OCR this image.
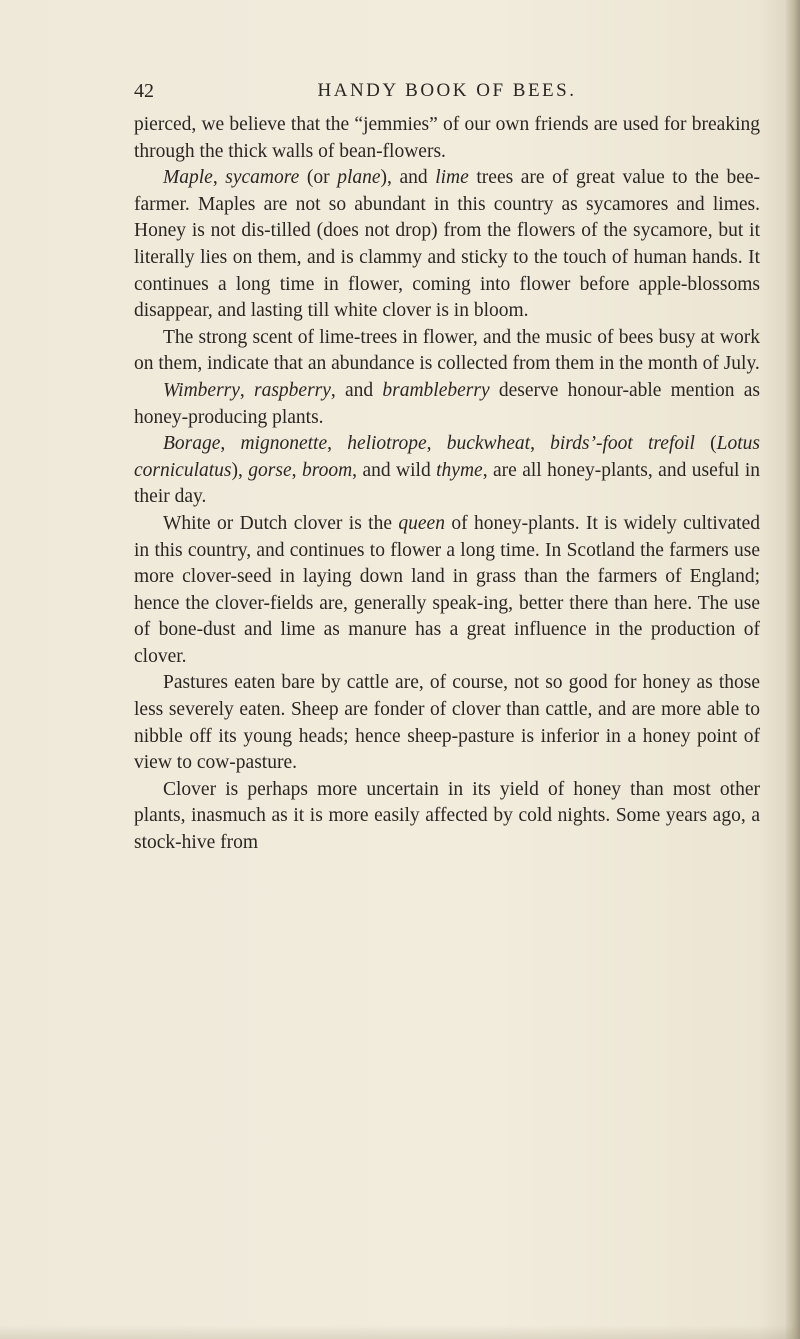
42	HANDY BOOK OF BEES.

pierced, we believe that the “jemmies” of our own friends are used for breaking through the thick walls of bean-flowers.

Maple, sycamore (or plane), and lime trees are of great value to the bee-farmer. Maples are not so abundant in this country as sycamores and limes. Honey is not dis-tilled (does not drop) from the flowers of the sycamore, but it literally lies on them, and is clammy and sticky to the touch of human hands. It continues a long time in flower, coming into flower before apple-blossoms disappear, and lasting till white clover is in bloom.

The strong scent of lime-trees in flower, and the music of bees busy at work on them, indicate that an abundance is collected from them in the month of July.

Wimberry, raspberry, and brambleberry deserve honour-able mention as honey-producing plants.

Borage, mignonette, heliotrope, buckwheat, birds’-foot trefoil (Lotus corniculatus), gorse, broom, and wild thyme, are all honey-plants, and useful in their day.

White or Dutch clover is the queen of honey-plants. It is widely cultivated in this country, and continues to flower a long time. In Scotland the farmers use more clover-seed in laying down land in grass than the farmers of England; hence the clover-fields are, generally speak-ing, better there than here. The use of bone-dust and lime as manure has a great influence in the production of clover.

Pastures eaten bare by cattle are, of course, not so good for honey as those less severely eaten. Sheep are fonder of clover than cattle, and are more able to nibble off its young heads; hence sheep-pasture is inferior in a honey point of view to cow-pasture.

Clover is perhaps more uncertain in its yield of honey than most other plants, inasmuch as it is more easily affected by cold nights. Some years ago, a stock-hive from
